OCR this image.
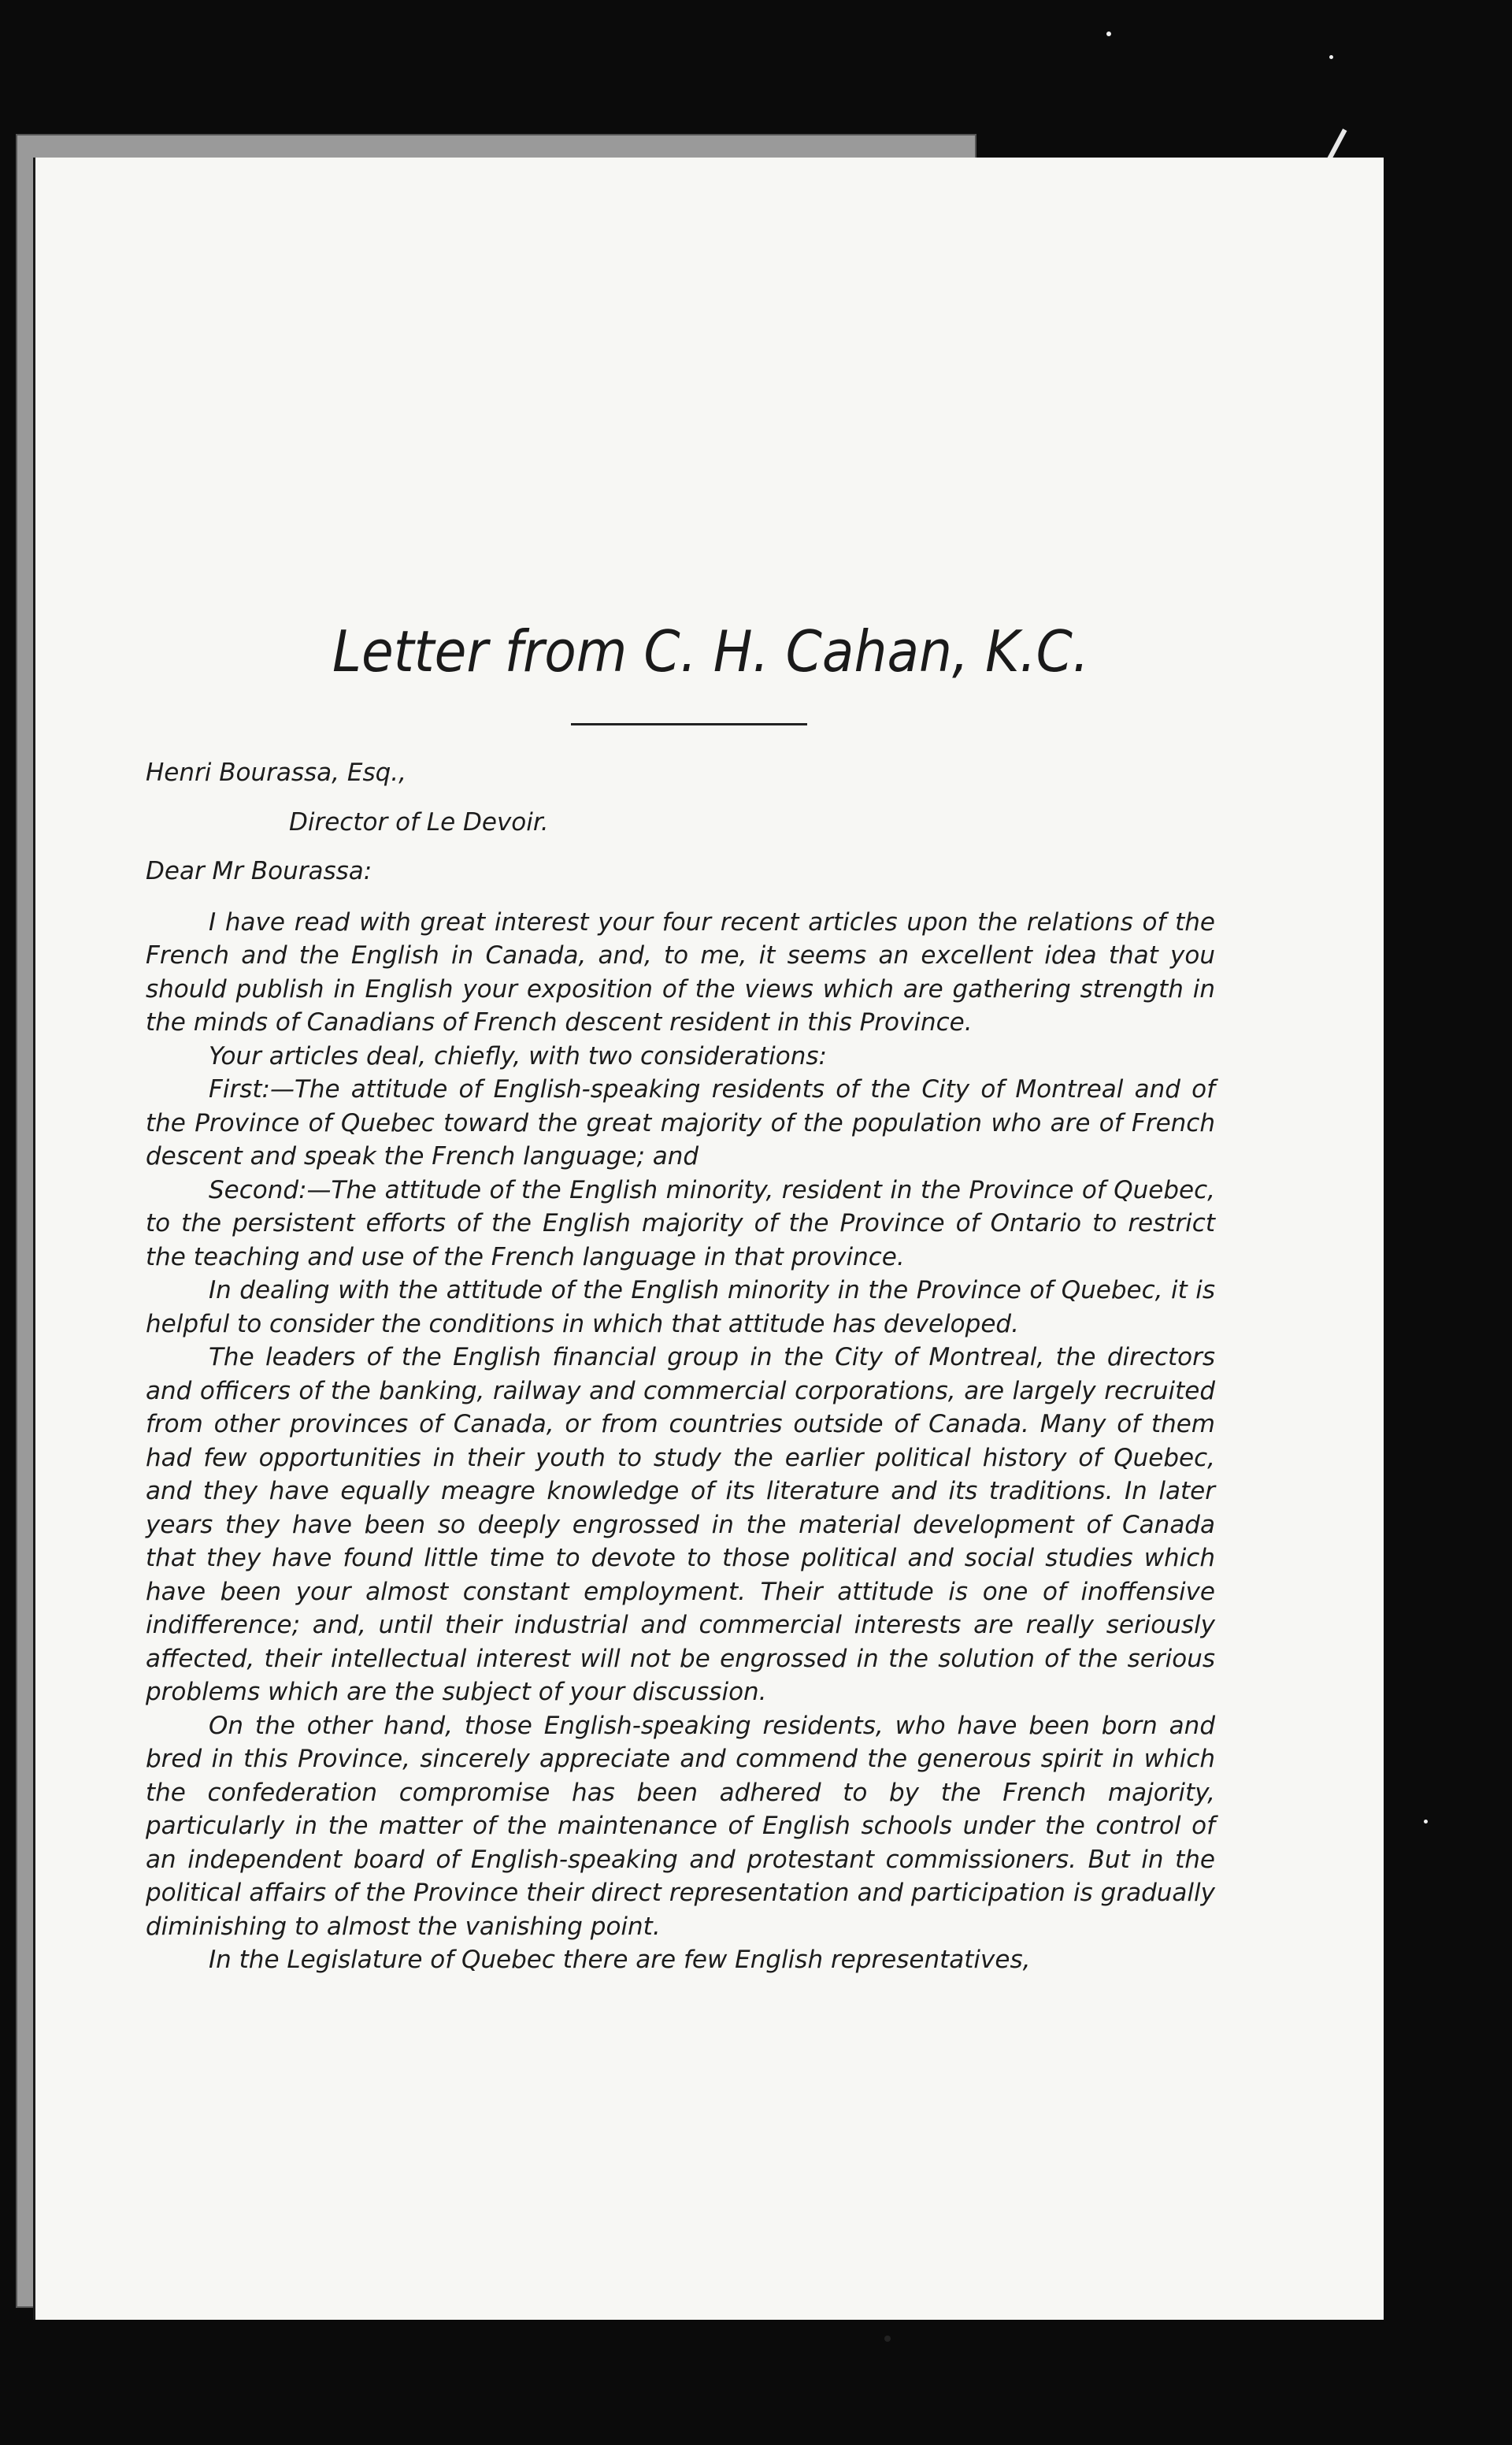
Letter from C. H. Cahan, K.C.

Henri Bourassa, Esq.,

Director of Le Devoir.

Dear Mr Bourassa:

I have read with great interest your four recent articles upon the relations of the French and the English in Canada, and, to me, it seems an excellent idea that you should publish in English your exposition of the views which are gathering strength in the minds of Canadians of French descent resident in this Province.

Your articles deal, chiefly, with two considerations:

First:—The attitude of English-speaking residents of the City of Montreal and of the Province of Quebec toward the great majority of the population who are of French descent and speak the French language; and

Second:—The attitude of the English minority, resident in the Province of Quebec, to the persistent efforts of the English majority of the Province of Ontario to restrict the teaching and use of the French language in that province.

In dealing with the attitude of the English minority in the Province of Quebec, it is helpful to consider the conditions in which that attitude has developed.

The leaders of the English financial group in the City of Montreal, the directors and officers of the banking, railway and commercial corporations, are largely recruited from other provinces of Canada, or from countries outside of Canada. Many of them had few opportunities in their youth to study the earlier political history of Quebec, and they have equally meagre knowledge of its literature and its traditions. In later years they have been so deeply engrossed in the material development of Canada that they have found little time to devote to those political and social studies which have been your almost constant employment. Their attitude is one of inoffensive indifference; and, until their industrial and commercial interests are really seriously affected, their intellectual interest will not be engrossed in the solution of the serious problems which are the subject of your discussion.

On the other hand, those English-speaking residents, who have been born and bred in this Province, sincerely appreciate and commend the generous spirit in which the confederation compromise has been adhered to by the French majority, particularly in the matter of the maintenance of English schools under the control of an independent board of English-speaking and protestant commissioners. But in the political affairs of the Province their direct representation and participation is gradually diminishing to almost the vanishing point.

In the Legislature of Quebec there are few English representatives,
